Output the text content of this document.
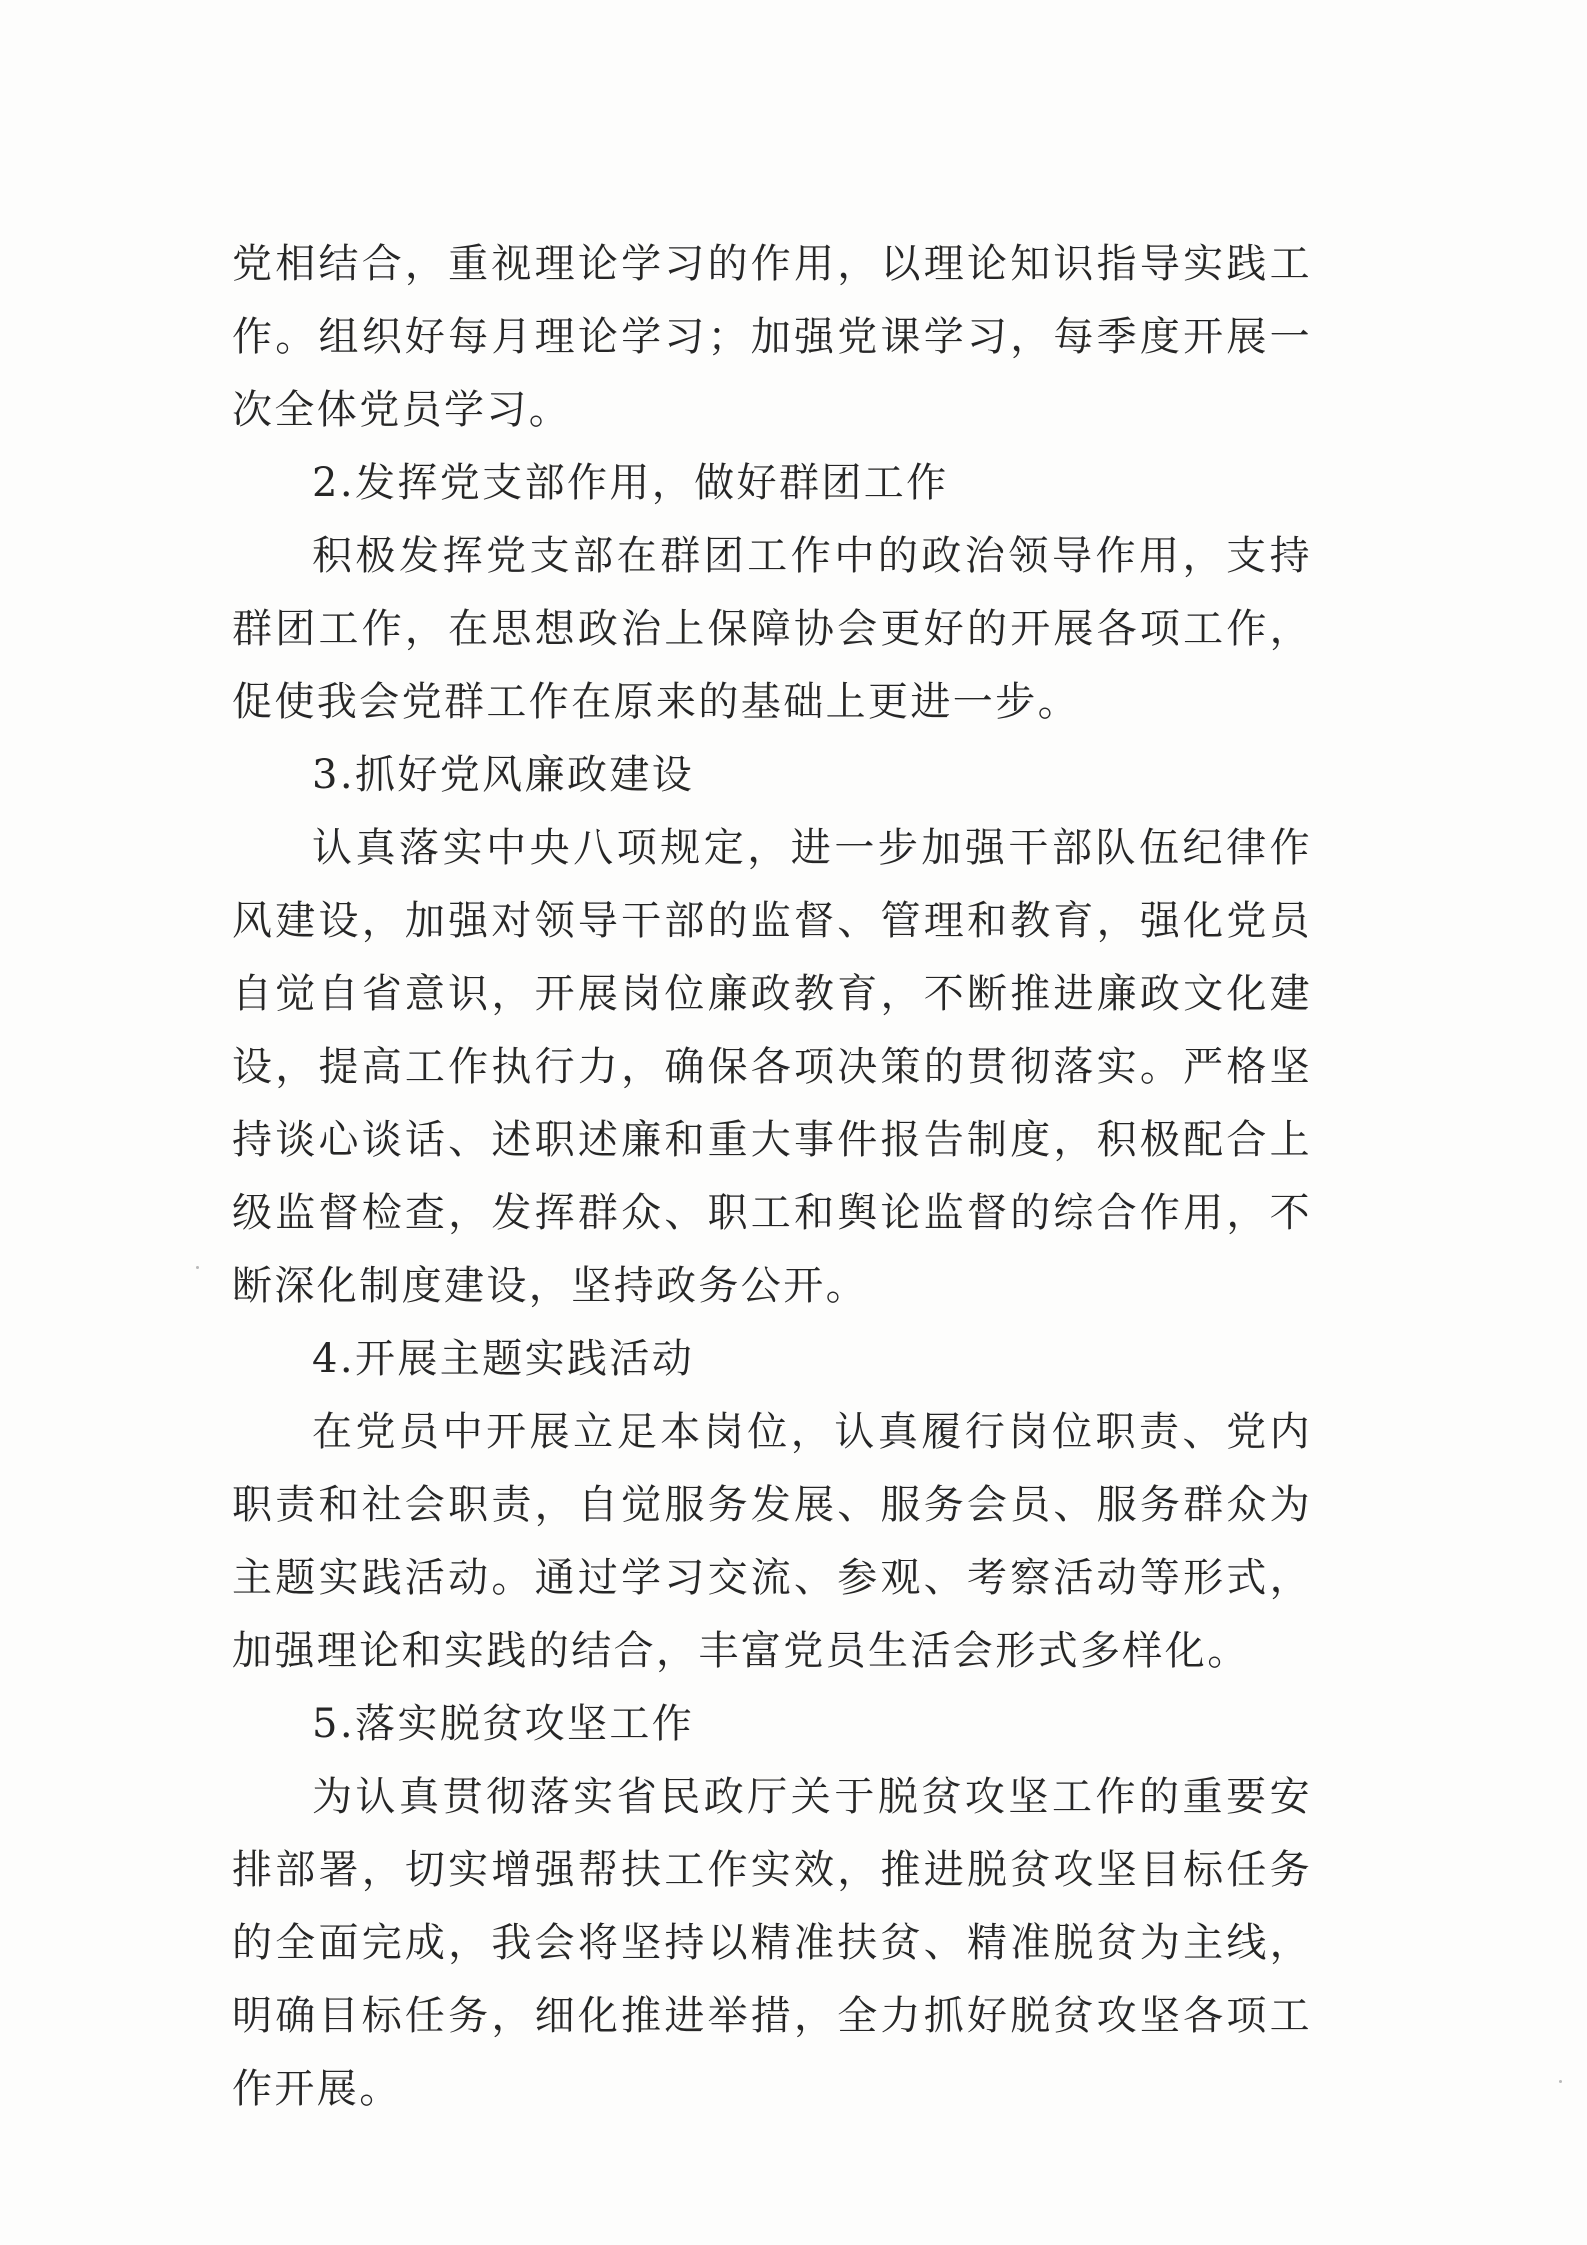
党相结合，重视理论学习的作用，以理论知识指导实践工作。组织好每月理论学习；加强党课学习，每季度开展一次全体党员学习。

2.发挥党支部作用，做好群团工作

积极发挥党支部在群团工作中的政治领导作用，支持群团工作，在思想政治上保障协会更好的开展各项工作，促使我会党群工作在原来的基础上更进一步。

3.抓好党风廉政建设

认真落实中央八项规定，进一步加强干部队伍纪律作风建设，加强对领导干部的监督、管理和教育，强化党员自觉自省意识，开展岗位廉政教育，不断推进廉政文化建设，提高工作执行力，确保各项决策的贯彻落实。严格坚持谈心谈话、述职述廉和重大事件报告制度，积极配合上级监督检查，发挥群众、职工和舆论监督的综合作用，不断深化制度建设，坚持政务公开。

4.开展主题实践活动

在党员中开展立足本岗位，认真履行岗位职责、党内职责和社会职责，自觉服务发展、服务会员、服务群众为主题实践活动。通过学习交流、参观、考察活动等形式，加强理论和实践的结合，丰富党员生活会形式多样化。

5.落实脱贫攻坚工作

为认真贯彻落实省民政厅关于脱贫攻坚工作的重要安排部署，切实增强帮扶工作实效，推进脱贫攻坚目标任务的全面完成，我会将坚持以精准扶贫、精准脱贫为主线，明确目标任务，细化推进举措，全力抓好脱贫攻坚各项工作开展。
